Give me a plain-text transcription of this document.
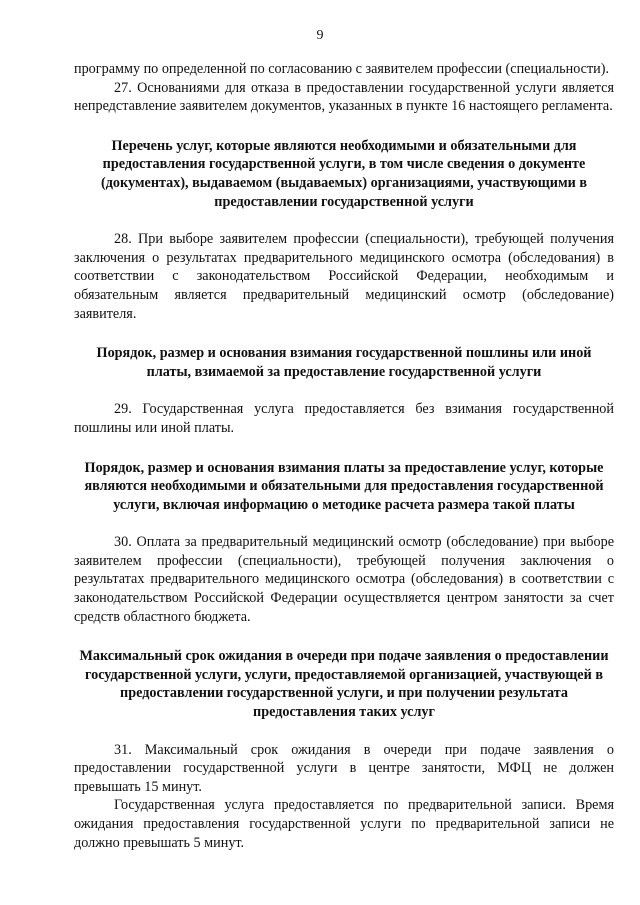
9

программу по определенной по согласованию с заявителем профессии (специальности).

27. Основаниями для отказа в предоставлении государственной услуги является непредставление заявителем документов, указанных в пункте 16 настоящего регламента.

Перечень услуг, которые являются необходимыми и обязательными для предоставления государственной услуги, в том числе сведения о документе (документах), выдаваемом (выдаваемых) организациями, участвующими в предоставлении государственной услуги

28. При выборе заявителем профессии (специальности), требующей получения заключения о результатах предварительного медицинского осмотра (обследования) в соответствии с законодательством Российской Федерации, необходимым и обязательным является предварительный медицинский осмотр (обследование) заявителя.

Порядок, размер и основания взимания государственной пошлины или иной платы, взимаемой за предоставление государственной услуги

29. Государственная услуга предоставляется без взимания государственной пошлины или иной платы.

Порядок, размер и основания взимания платы за предоставление услуг, которые являются необходимыми и обязательными для предоставления государственной услуги, включая информацию о методике расчета размера такой платы

30. Оплата за предварительный медицинский осмотр (обследование) при выборе заявителем профессии (специальности), требующей получения заключения о результатах предварительного медицинского осмотра (обследования) в соответствии с законодательством Российской Федерации осуществляется центром занятости за счет средств областного бюджета.

Максимальный срок ожидания в очереди при подаче заявления о предоставлении государственной услуги, услуги, предоставляемой организацией, участвующей в предоставлении государственной услуги, и при получении результата предоставления таких услуг

31. Максимальный срок ожидания в очереди при подаче заявления о предоставлении государственной услуги в центре занятости, МФЦ не должен превышать 15 минут.

Государственная услуга предоставляется по предварительной записи. Время ожидания предоставления государственной услуги по предварительной записи не должно превышать 5 минут.
